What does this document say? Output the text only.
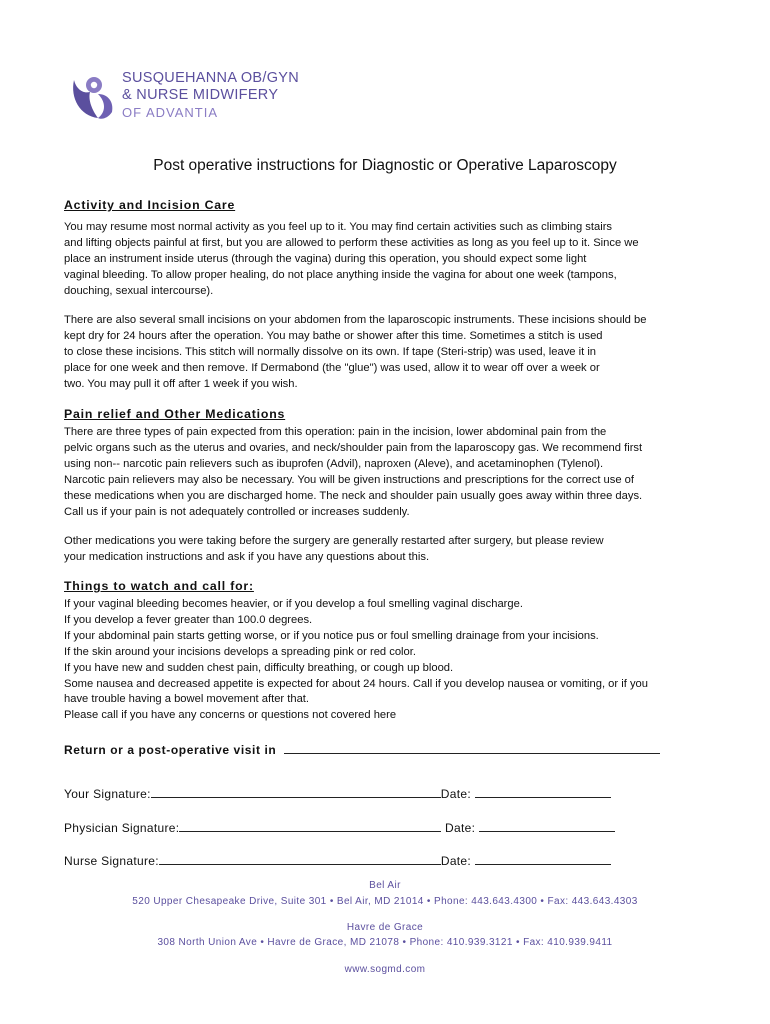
SUSQUEHANNA OB/GYN
& NURSE MIDWIFERY
OF ADVANTIA
Post operative instructions for Diagnostic or Operative Laparoscopy
Activity and Incision Care
You may resume most normal activity as you feel up to it. You may find certain activities such as climbing stairs
and lifting objects painful at first, but you are allowed to perform these activities as long as you feel up to it. Since we
place an instrument inside uterus (through the vagina) during this operation, you should expect some light
vaginal bleeding. To allow proper healing, do not place anything inside the vagina for about one week (tampons,
douching, sexual intercourse).
There are also several small incisions on your abdomen from the laparoscopic instruments. These incisions should be
kept dry for 24 hours after the operation. You may bathe or shower after this time. Sometimes a stitch is used
to close these incisions. This stitch will normally dissolve on its own. If tape (Steri-strip) was used, leave it in
place for one week and then remove. If Dermabond (the "glue") was used, allow it to wear off over a week or
two. You may pull it off after 1 week if you wish.
Pain relief and Other Medications
There are three types of pain expected from this operation: pain in the incision, lower abdominal pain from the
pelvic organs such as the uterus and ovaries, and neck/shoulder pain from the laparoscopy gas. We recommend first
using non-- narcotic pain relievers such as ibuprofen (Advil), naproxen (Aleve), and acetaminophen (Tylenol).
Narcotic pain relievers may also be necessary. You will be given instructions and prescriptions for the correct use of
these medications when you are discharged home. The neck and shoulder pain usually goes away within three days.
Call us if your pain is not adequately controlled or increases suddenly.
Other medications you were taking before the surgery are generally restarted after surgery, but please review
your medication instructions and ask if you have any questions about this.
Things to watch and call for:
If your vaginal bleeding becomes heavier, or if you develop a foul smelling vaginal discharge.
If you develop a fever greater than 100.0 degrees.
If your abdominal pain starts getting worse, or if you notice pus or foul smelling drainage from your incisions.
If the skin around your incisions develops a spreading pink or red color.
If you have new and sudden chest pain, difficulty breathing, or cough up blood.
Some nausea and decreased appetite is expected for about 24 hours. Call if you develop nausea or vomiting, or if you
have trouble having a bowel movement after that.
Please call if you have any concerns or questions not covered here
Return or a post-operative visit in
Your Signature:	Date:
Physician Signature:	Date:
Nurse Signature:	Date:
Bel Air
520 Upper Chesapeake Drive, Suite 301 • Bel Air, MD 21014 • Phone: 443.643.4300 • Fax: 443.643.4303
Havre de Grace
308 North Union Ave • Havre de Grace, MD 21078 • Phone: 410.939.3121 • Fax: 410.939.9411
www.sogmd.com
